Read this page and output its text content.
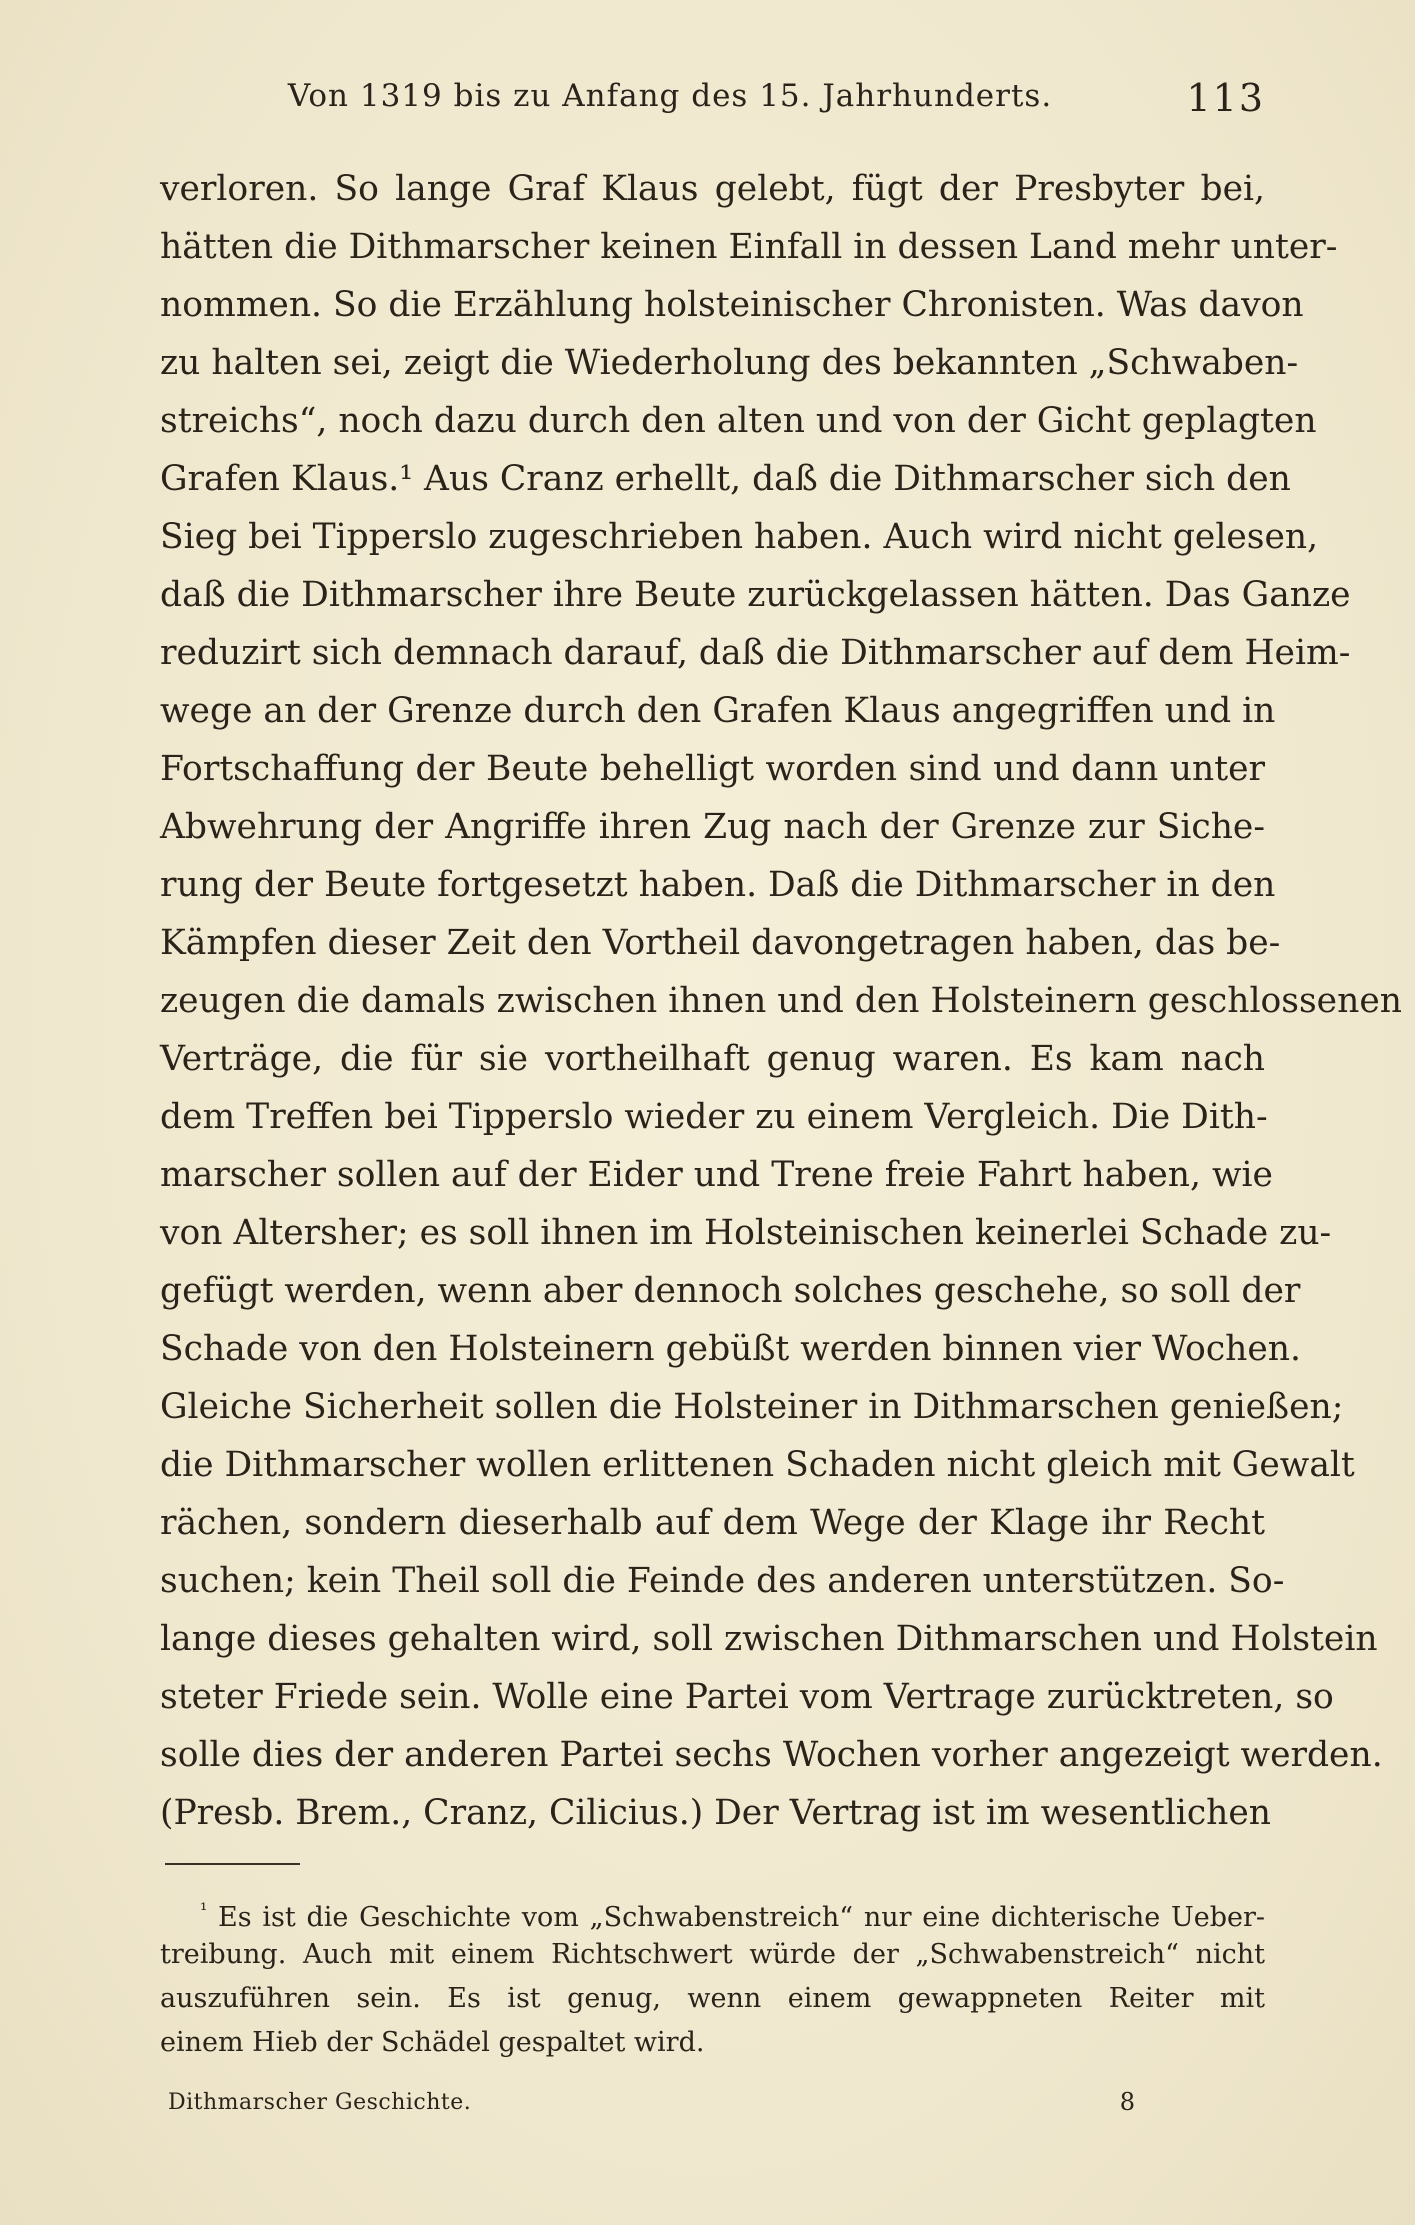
Von 1319 bis zu Anfang des 15. Jahrhunderts.	113
verloren. So lange Graf Klaus gelebt, fügt der Presbyter bei,
hätten die Dithmarscher keinen Einfall in dessen Land mehr unter-
nommen. So die Erzählung holsteinischer Chronisten. Was davon
zu halten sei, zeigt die Wiederholung des bekannten „Schwaben-
streichs“, noch dazu durch den alten und von der Gicht geplagten
Grafen Klaus.¹ Aus Cranz erhellt, daß die Dithmarscher sich den
Sieg bei Tipperslo zugeschrieben haben. Auch wird nicht gelesen,
daß die Dithmarscher ihre Beute zurückgelassen hätten. Das Ganze
reduzirt sich demnach darauf, daß die Dithmarscher auf dem Heim-
wege an der Grenze durch den Grafen Klaus angegriffen und in
Fortschaffung der Beute behelligt worden sind und dann unter
Abwehrung der Angriffe ihren Zug nach der Grenze zur Siche-
rung der Beute fortgesetzt haben. Daß die Dithmarscher in den
Kämpfen dieser Zeit den Vortheil davongetragen haben, das be-
zeugen die damals zwischen ihnen und den Holsteinern geschlossenen
Verträge, die für sie vortheilhaft genug waren. Es kam nach
dem Treffen bei Tipperslo wieder zu einem Vergleich. Die Dith-
marscher sollen auf der Eider und Trene freie Fahrt haben, wie
von Altersher; es soll ihnen im Holsteinischen keinerlei Schade zu-
gefügt werden, wenn aber dennoch solches geschehe, so soll der
Schade von den Holsteinern gebüßt werden binnen vier Wochen.
Gleiche Sicherheit sollen die Holsteiner in Dithmarschen genießen;
die Dithmarscher wollen erlittenen Schaden nicht gleich mit Gewalt
rächen, sondern dieserhalb auf dem Wege der Klage ihr Recht
suchen; kein Theil soll die Feinde des anderen unterstützen. So-
lange dieses gehalten wird, soll zwischen Dithmarschen und Holstein
steter Friede sein. Wolle eine Partei vom Vertrage zurücktreten, so
solle dies der anderen Partei sechs Wochen vorher angezeigt werden.
(Presb. Brem., Cranz, Cilicius.) Der Vertrag ist im wesentlichen
$^{^1}$ Es ist die Geschichte vom „Schwabenstreich“ nur eine dichterische Ueber-
treibung. Auch mit einem Richtschwert würde der „Schwabenstreich“ nicht
auszuführen sein. Es ist genug, wenn einem gewappneten Reiter mit
einem Hieb der Schädel gespaltet wird.
Dithmarscher Geschichte.	8
